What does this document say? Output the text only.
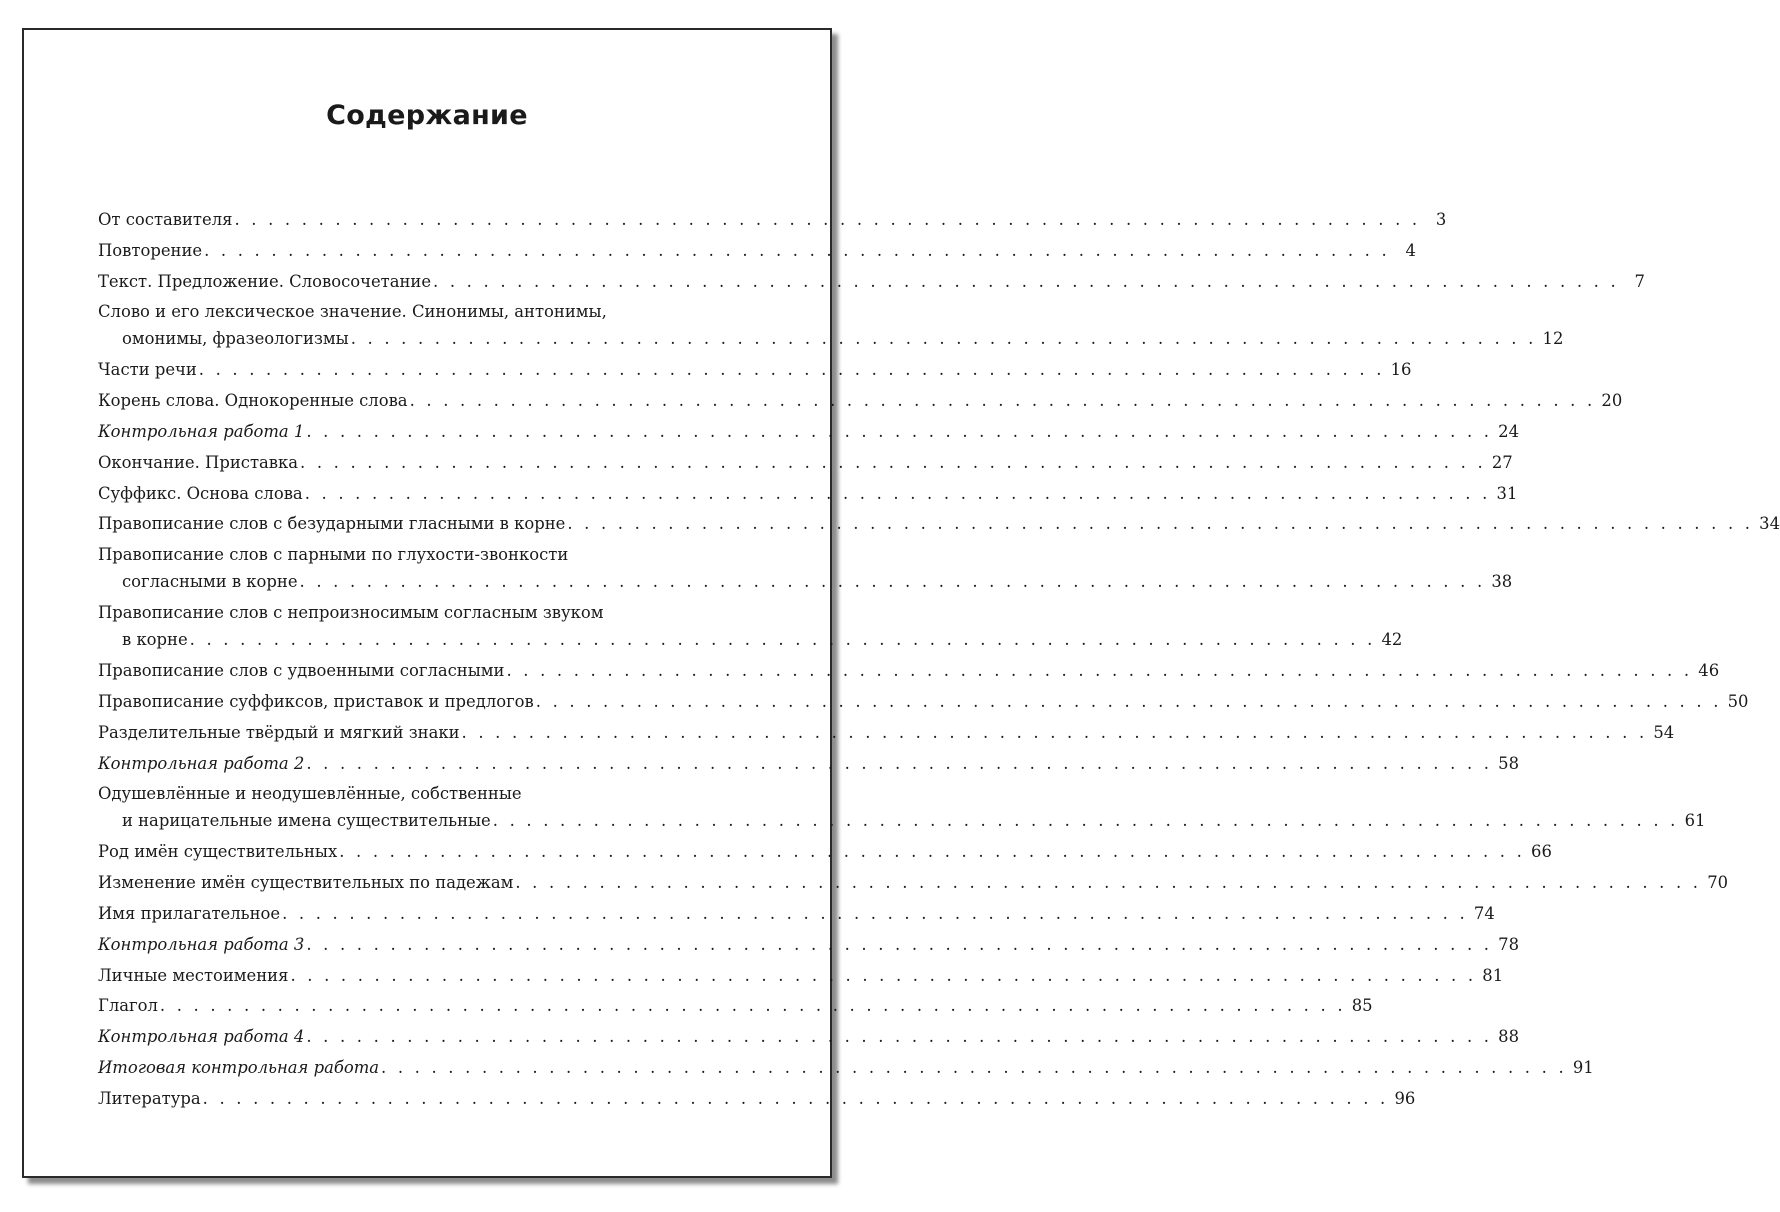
Содержание
От составителя . . . . . . . . . . . . . . . . . . . . . . . . . . . . . . . . . . . . . . . . . . . . . . . . . . . . . . . . . . . . . . . . . . . . . . . 3
Повторение . . . . . . . . . . . . . . . . . . . . . . . . . . . . . . . . . . . . . . . . . . . . . . . . . . . . . . . . . . . . . . . . . . . . . . . 4
Текст. Предложение. Словосочетание . . . . . . . . . . . . . . . . . . . . . . . . . . . . . . . . . . . . . . . . . . . . . . . . . . . . . . . . . . . . . . . . . . . . . . . 7
Слово и его лексическое значение. Синонимы, антонимы,
омонимы, фразеологизмы . . . . . . . . . . . . . . . . . . . . . . . . . . . . . . . . . . . . . . . . . . . . . . . . . . . . . . . . . . . . . . . . . . . . . . . 12
Части речи . . . . . . . . . . . . . . . . . . . . . . . . . . . . . . . . . . . . . . . . . . . . . . . . . . . . . . . . . . . . . . . . . . . . . . . 16
Корень слова. Однокоренные слова . . . . . . . . . . . . . . . . . . . . . . . . . . . . . . . . . . . . . . . . . . . . . . . . . . . . . . . . . . . . . . . . . . . . . . . 20
Контрольная работа 1 . . . . . . . . . . . . . . . . . . . . . . . . . . . . . . . . . . . . . . . . . . . . . . . . . . . . . . . . . . . . . . . . . . . . . . . 24
Окончание. Приставка . . . . . . . . . . . . . . . . . . . . . . . . . . . . . . . . . . . . . . . . . . . . . . . . . . . . . . . . . . . . . . . . . . . . . . . 27
Суффикс. Основа слова . . . . . . . . . . . . . . . . . . . . . . . . . . . . . . . . . . . . . . . . . . . . . . . . . . . . . . . . . . . . . . . . . . . . . . . 31
Правописание слов с безударными гласными в корне . . . . . . . . . . . . . . . . . . . . . . . . . . . . . . . . . . . . . . . . . . . . . . . . . . . . . . . . . . . . . . . . . . . . . . . 34
Правописание слов с парными по глухости-звонкости
согласными в корне . . . . . . . . . . . . . . . . . . . . . . . . . . . . . . . . . . . . . . . . . . . . . . . . . . . . . . . . . . . . . . . . . . . . . . . 38
Правописание слов с непроизносимым согласным звуком
в корне . . . . . . . . . . . . . . . . . . . . . . . . . . . . . . . . . . . . . . . . . . . . . . . . . . . . . . . . . . . . . . . . . . . . . . . 42
Правописание слов с удвоенными согласными . . . . . . . . . . . . . . . . . . . . . . . . . . . . . . . . . . . . . . . . . . . . . . . . . . . . . . . . . . . . . . . . . . . . . . . 46
Правописание суффиксов, приставок и предлогов . . . . . . . . . . . . . . . . . . . . . . . . . . . . . . . . . . . . . . . . . . . . . . . . . . . . . . . . . . . . . . . . . . . . . . . 50
Разделительные твёрдый и мягкий знаки . . . . . . . . . . . . . . . . . . . . . . . . . . . . . . . . . . . . . . . . . . . . . . . . . . . . . . . . . . . . . . . . . . . . . . . 54
Контрольная работа 2 . . . . . . . . . . . . . . . . . . . . . . . . . . . . . . . . . . . . . . . . . . . . . . . . . . . . . . . . . . . . . . . . . . . . . . . 58
Одушевлённые и неодушевлённые, собственные
и нарицательные имена существительные . . . . . . . . . . . . . . . . . . . . . . . . . . . . . . . . . . . . . . . . . . . . . . . . . . . . . . . . . . . . . . . . . . . . . . . 61
Род имён существительных . . . . . . . . . . . . . . . . . . . . . . . . . . . . . . . . . . . . . . . . . . . . . . . . . . . . . . . . . . . . . . . . . . . . . . . 66
Изменение имён существительных по падежам . . . . . . . . . . . . . . . . . . . . . . . . . . . . . . . . . . . . . . . . . . . . . . . . . . . . . . . . . . . . . . . . . . . . . . . 70
Имя прилагательное . . . . . . . . . . . . . . . . . . . . . . . . . . . . . . . . . . . . . . . . . . . . . . . . . . . . . . . . . . . . . . . . . . . . . . . 74
Контрольная работа 3 . . . . . . . . . . . . . . . . . . . . . . . . . . . . . . . . . . . . . . . . . . . . . . . . . . . . . . . . . . . . . . . . . . . . . . . 78
Личные местоимения . . . . . . . . . . . . . . . . . . . . . . . . . . . . . . . . . . . . . . . . . . . . . . . . . . . . . . . . . . . . . . . . . . . . . . . 81
Глагол . . . . . . . . . . . . . . . . . . . . . . . . . . . . . . . . . . . . . . . . . . . . . . . . . . . . . . . . . . . . . . . . . . . . . . . 85
Контрольная работа 4 . . . . . . . . . . . . . . . . . . . . . . . . . . . . . . . . . . . . . . . . . . . . . . . . . . . . . . . . . . . . . . . . . . . . . . . 88
Итоговая контрольная работа . . . . . . . . . . . . . . . . . . . . . . . . . . . . . . . . . . . . . . . . . . . . . . . . . . . . . . . . . . . . . . . . . . . . . . . 91
Литература . . . . . . . . . . . . . . . . . . . . . . . . . . . . . . . . . . . . . . . . . . . . . . . . . . . . . . . . . . . . . . . . . . . . . . . 96
